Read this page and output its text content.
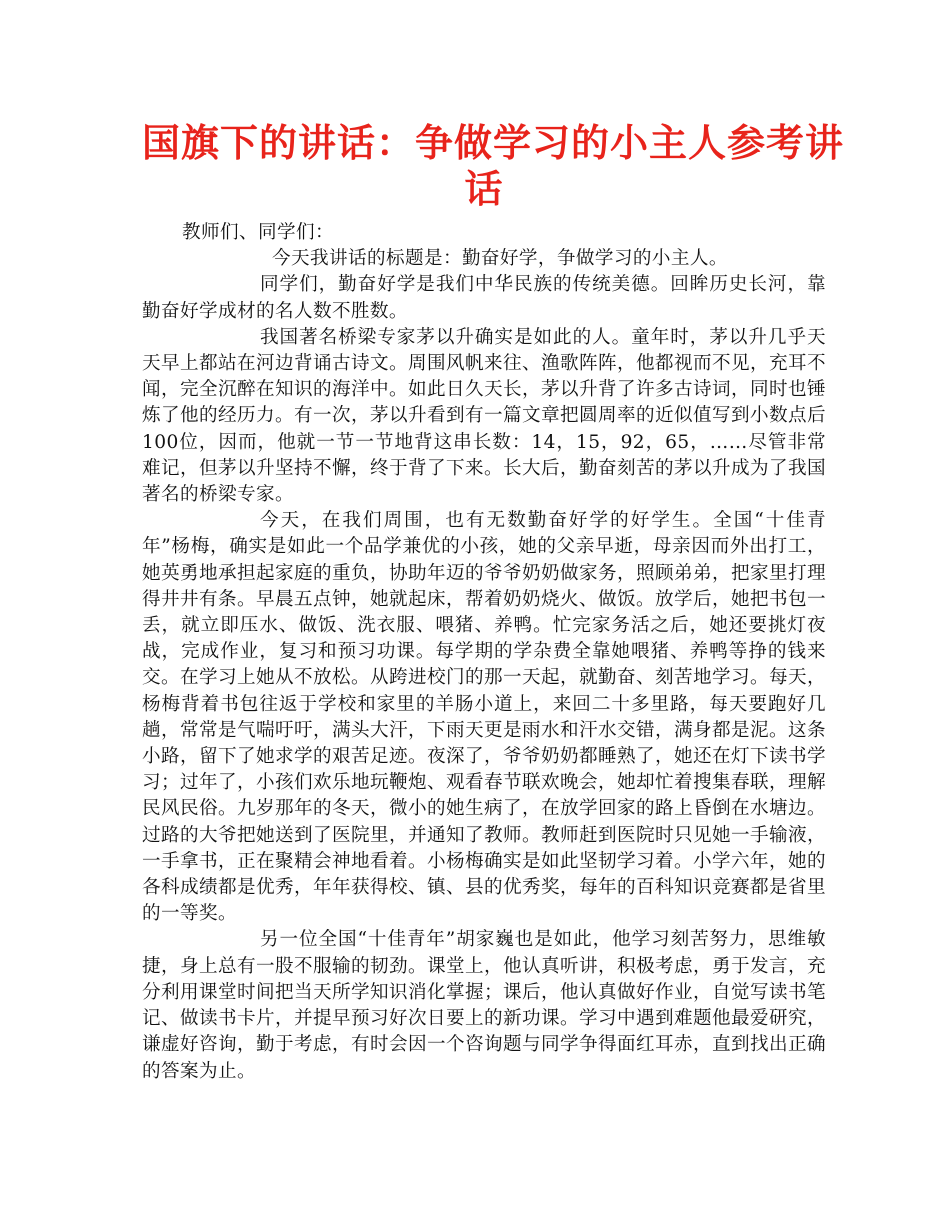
国旗下的讲话：争做学习的小主人参考讲
话

教师们、同学们：

今天我讲话的标题是：勤奋好学，争做学习的小主人。

同学们，勤奋好学是我们中华民族的传统美德。回眸历史长河，靠勤奋好学成材的名人数不胜数。

我国著名桥梁专家茅以升确实是如此的人。童年时，茅以升几乎天天早上都站在河边背诵古诗文。周围风帆来往、渔歌阵阵，他都视而不见，充耳不闻，完全沉醉在知识的海洋中。如此日久天长，茅以升背了许多古诗词，同时也锤炼了他的经历力。有一次，茅以升看到有一篇文章把圆周率的近似值写到小数点后100位，因而，他就一节一节地背这串长数：14，15，92，65，……尽管非常难记，但茅以升坚持不懈，终于背了下来。长大后，勤奋刻苦的茅以升成为了我国著名的桥梁专家。

今天，在我们周围，也有无数勤奋好学的好学生。全国“十佳青年”杨梅，确实是如此一个品学兼优的小孩，她的父亲早逝，母亲因而外出打工，她英勇地承担起家庭的重负，协助年迈的爷爷奶奶做家务，照顾弟弟，把家里打理得井井有条。早晨五点钟，她就起床，帮着奶奶烧火、做饭。放学后，她把书包一丢，就立即压水、做饭、洗衣服、喂猪、养鸭。忙完家务活之后，她还要挑灯夜战，完成作业，复习和预习功课。每学期的学杂费全靠她喂猪、养鸭等挣的钱来交。在学习上她从不放松。从跨进校门的那一天起，就勤奋、刻苦地学习。每天，杨梅背着书包往返于学校和家里的羊肠小道上，来回二十多里路，每天要跑好几趟，常常是气喘吁吁，满头大汗，下雨天更是雨水和汗水交错，满身都是泥。这条小路，留下了她求学的艰苦足迹。夜深了，爷爷奶奶都睡熟了，她还在灯下读书学习；过年了，小孩们欢乐地玩鞭炮、观看春节联欢晚会，她却忙着搜集春联，理解民风民俗。九岁那年的冬天，微小的她生病了，在放学回家的路上昏倒在水塘边。过路的大爷把她送到了医院里，并通知了教师。教师赶到医院时只见她一手输液，一手拿书，正在聚精会神地看着。小杨梅确实是如此坚韧学习着。小学六年，她的各科成绩都是优秀，年年获得校、镇、县的优秀奖，每年的百科知识竞赛都是省里的一等奖。

另一位全国“十佳青年”胡家巍也是如此，他学习刻苦努力，思维敏捷，身上总有一股不服输的韧劲。课堂上，他认真听讲，积极考虑，勇于发言，充分利用课堂时间把当天所学知识消化掌握；课后，他认真做好作业，自觉写读书笔记、做读书卡片，并提早预习好次日要上的新功课。学习中遇到难题他最爱研究，谦虚好咨询，勤于考虑，有时会因一个咨询题与同学争得面红耳赤，直到找出正确的答案为止。
